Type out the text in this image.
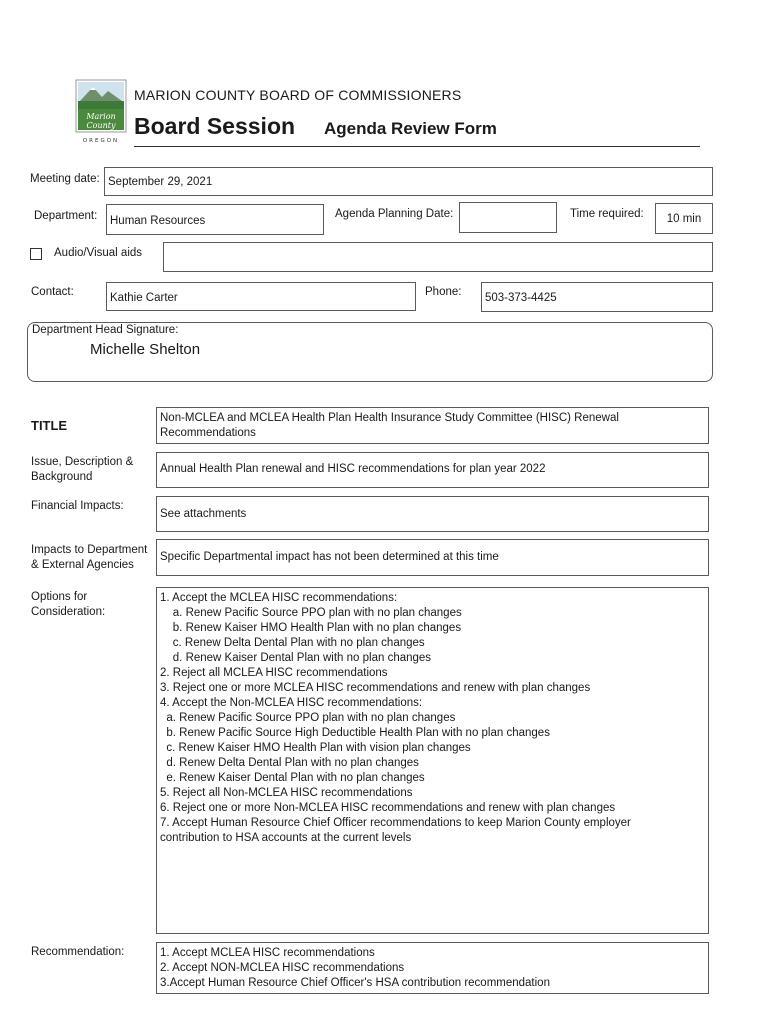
Marion
County
OREGON
MARION COUNTY BOARD OF COMMISSIONERS
Board Session Agenda Review Form
Meeting date: September 29, 2021
Department:	Human Resources
Agenda Planning Date:	Time required:	10 min
Audio/Visual aids
Contact:	Kathie Carter	Phone:	503-373-4425
Department Head Signature:
Michelle Shelton
TITLE	Non-MCLEA and MCLEA Health Plan Health Insurance Study Committee (HISC) Renewal
Recommendations
Issue, Description &
Background
Annual Health Plan renewal and HISC recommendations for plan year 2022
Financial Impacts:
See attachments
Impacts to Department
& External Agencies
Specific Departmental impact has not been determined at this time
Options for
Consideration:
1. Accept the MCLEA HISC recommendations:
a. Renew Pacific Source PPO plan with no plan changes
b. Renew Kaiser HMO Health Plan with no plan changes
c. Renew Delta Dental Plan with no plan changes
d. Renew Kaiser Dental Plan with no plan changes
2. Reject all MCLEA HISC recommendations
3. Reject one or more MCLEA HISC recommendations and renew with plan changes
4. Accept the Non-MCLEA HISC recommendations:
a. Renew Pacific Source PPO plan with no plan changes
b. Renew Pacific Source High Deductible Health Plan with no plan changes
c. Renew Kaiser HMO Health Plan with vision plan changes
d. Renew Delta Dental Plan with no plan changes
e. Renew Kaiser Dental Plan with no plan changes
5. Reject all Non-MCLEA HISC recommendations
6. Reject one or more Non-MCLEA HISC recommendations and renew with plan changes
7. Accept Human Resource Chief Officer recommendations to keep Marion County employer
contribution to HSA accounts at the current levels
Recommendation:	1. Accept MCLEA HISC recommendations
2. Accept NON-MCLEA HISC recommendations
3.Accept Human Resource Chief Officer's HSA contribution recommendation
